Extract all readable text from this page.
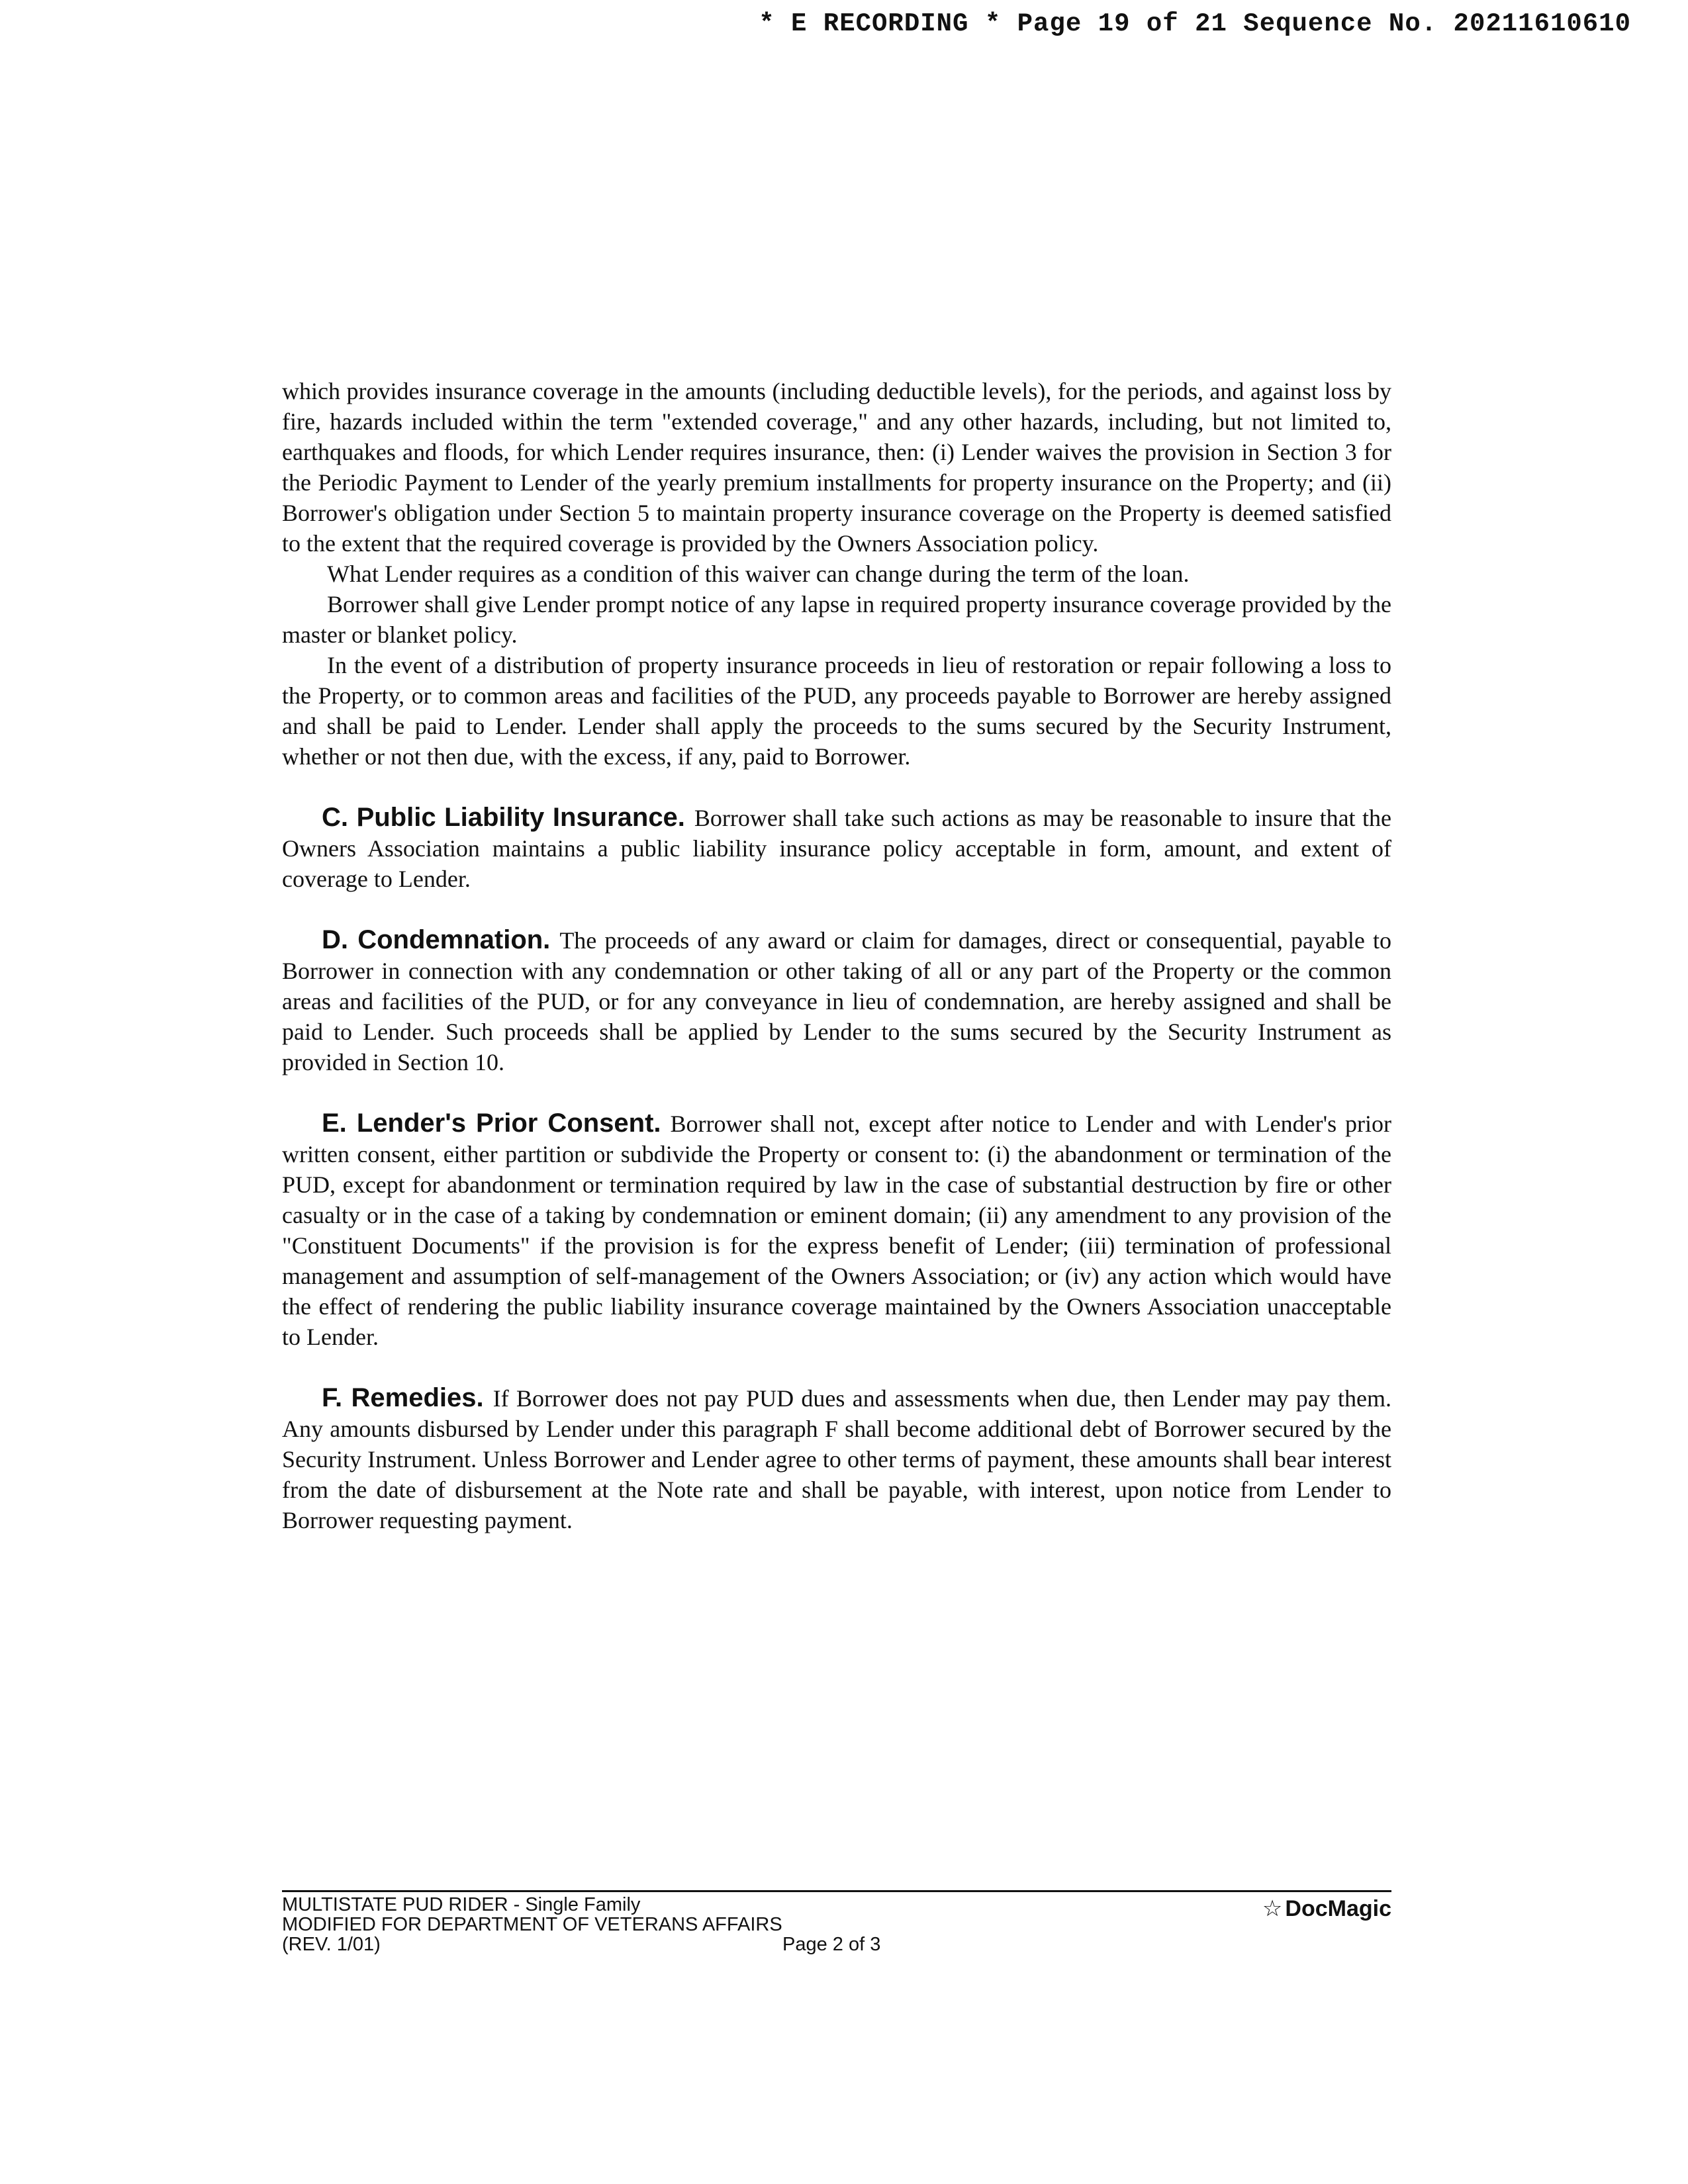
* E RECORDING * Page 19 of 21 Sequence No. 20211610610

which provides insurance coverage in the amounts (including deductible levels), for the periods, and against loss by fire, hazards included within the term "extended coverage," and any other hazards, including, but not limited to, earthquakes and floods, for which Lender requires insurance, then: (i) Lender waives the provision in Section 3 for the Periodic Payment to Lender of the yearly premium installments for property insurance on the Property; and (ii) Borrower's obligation under Section 5 to maintain property insurance coverage on the Property is deemed satisfied to the extent that the required coverage is provided by the Owners Association policy.

What Lender requires as a condition of this waiver can change during the term of the loan.

Borrower shall give Lender prompt notice of any lapse in required property insurance coverage provided by the master or blanket policy.

In the event of a distribution of property insurance proceeds in lieu of restoration or repair following a loss to the Property, or to common areas and facilities of the PUD, any proceeds payable to Borrower are hereby assigned and shall be paid to Lender. Lender shall apply the proceeds to the sums secured by the Security Instrument, whether or not then due, with the excess, if any, paid to Borrower.

C. Public Liability Insurance. Borrower shall take such actions as may be reasonable to insure that the Owners Association maintains a public liability insurance policy acceptable in form, amount, and extent of coverage to Lender.

D. Condemnation. The proceeds of any award or claim for damages, direct or consequential, payable to Borrower in connection with any condemnation or other taking of all or any part of the Property or the common areas and facilities of the PUD, or for any conveyance in lieu of condemnation, are hereby assigned and shall be paid to Lender. Such proceeds shall be applied by Lender to the sums secured by the Security Instrument as provided in Section 10.

E. Lender's Prior Consent. Borrower shall not, except after notice to Lender and with Lender's prior written consent, either partition or subdivide the Property or consent to: (i) the abandonment or termination of the PUD, except for abandonment or termination required by law in the case of substantial destruction by fire or other casualty or in the case of a taking by condemnation or eminent domain; (ii) any amendment to any provision of the "Constituent Documents" if the provision is for the express benefit of Lender; (iii) termination of professional management and assumption of self-management of the Owners Association; or (iv) any action which would have the effect of rendering the public liability insurance coverage maintained by the Owners Association unacceptable to Lender.

F. Remedies. If Borrower does not pay PUD dues and assessments when due, then Lender may pay them. Any amounts disbursed by Lender under this paragraph F shall become additional debt of Borrower secured by the Security Instrument. Unless Borrower and Lender agree to other terms of payment, these amounts shall bear interest from the date of disbursement at the Note rate and shall be payable, with interest, upon notice from Lender to Borrower requesting payment.

MULTISTATE PUD RIDER - Single Family
MODIFIED FOR DEPARTMENT OF VETERANS AFFAIRS
(REV. 1/01)	Page 2 of 3
☆ DocMagic
